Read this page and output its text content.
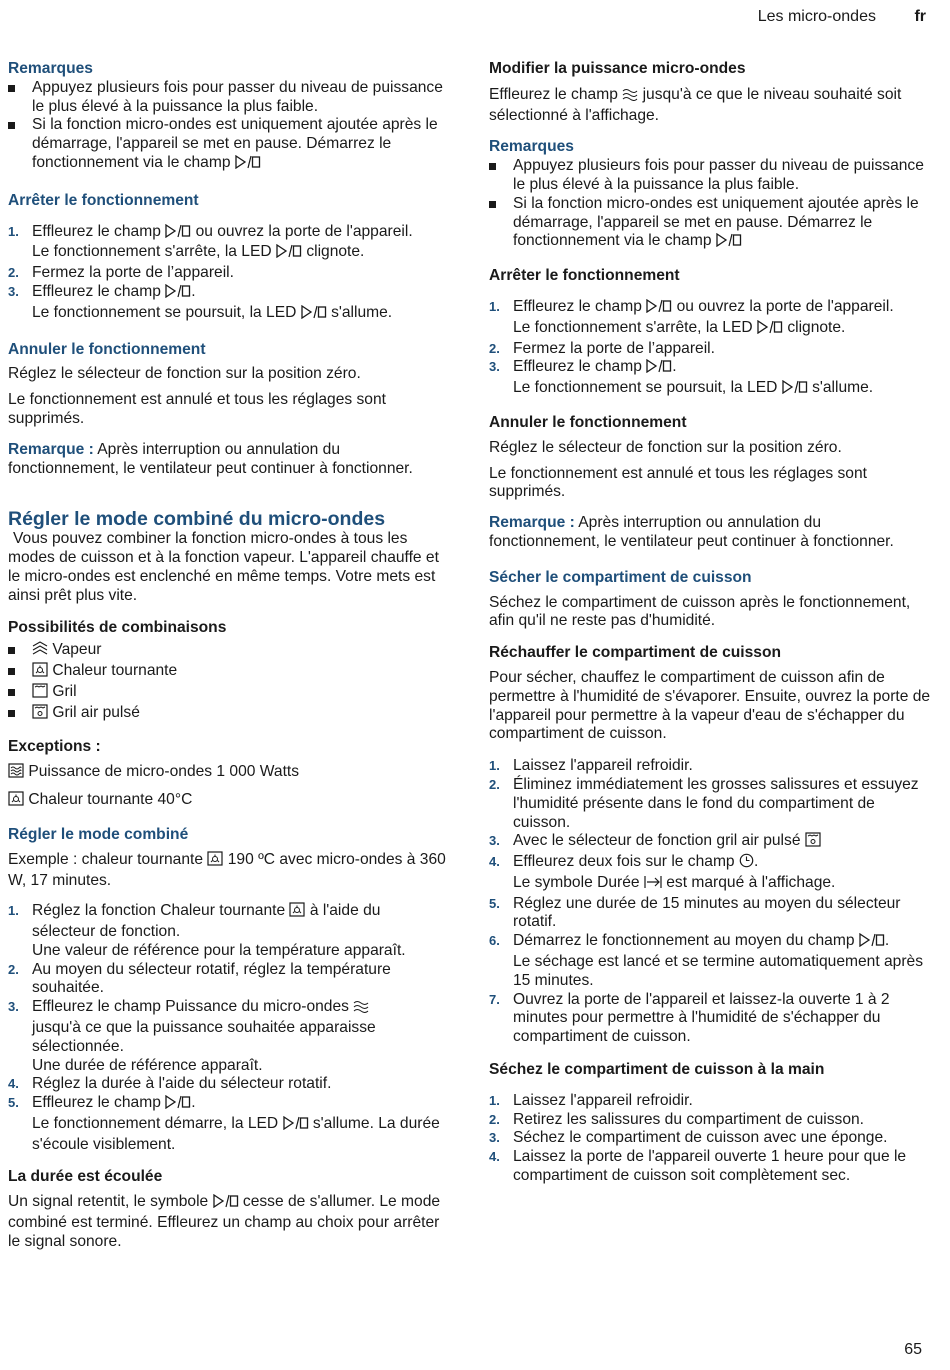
Les micro-ondes fr

Remarques

Appuyez plusieurs fois pour passer du niveau de puissance le plus élevé à la puissance la plus faible.
Si la fonction micro-ondes est uniquement ajoutée après le démarrage, l'appareil se met en pause. Démarrez le fonctionnement via le champ

Arrêter le fonctionnement

1. Effleurez le champ ou ouvrez la porte de l'appareil.
Le fonctionnement s'arrête, la LED clignote.
2. Fermez la porte de l’appareil.
3. Effleurez le champ .
Le fonctionnement se poursuit, la LED s'allume.

Annuler le fonctionnement

Réglez le sélecteur de fonction sur la position zéro.

Le fonctionnement est annulé et tous les réglages sont supprimés.

Remarque : Après interruption ou annulation du fonctionnement, le ventilateur peut continuer à fonctionner.

Régler le mode combiné du micro-ondes

Vous pouvez combiner la fonction micro-ondes à tous les modes de cuisson et à la fonction vapeur. L'appareil chauffe et le micro-ondes est enclenché en même temps. Votre mets est ainsi prêt plus vite.

Possibilités de combinaisons

Vapeur
Chaleur tournante
Gril
Gril air pulsé

Exceptions :

Puissance de micro-ondes 1 000 Watts

Chaleur tournante 40°C

Régler le mode combiné

Exemple : chaleur tournante 190 ºC avec micro-ondes à 360 W, 17 minutes.

1. Réglez la fonction Chaleur tournante à l'aide du sélecteur de fonction.
Une valeur de référence pour la température apparaît.
2. Au moyen du sélecteur rotatif, réglez la température souhaitée.
3. Effleurez le champ Puissance du micro-ondes
jusqu'à ce que la puissance souhaitée apparaisse sélectionnée.
Une durée de référence apparaît.
4. Réglez la durée à l'aide du sélecteur rotatif.
5. Effleurez le champ .
Le fonctionnement démarre, la LED s'allume. La durée s'écoule visiblement.

La durée est écoulée

Un signal retentit, le symbole cesse de s'allumer. Le mode combiné est terminé. Effleurez un champ au choix pour arrêter le signal sonore.

Modifier la puissance micro-ondes

Effleurez le champ jusqu'à ce que le niveau souhaité soit sélectionné à l'affichage.

Remarques

Appuyez plusieurs fois pour passer du niveau de puissance le plus élevé à la puissance la plus faible.
Si la fonction micro-ondes est uniquement ajoutée après le démarrage, l'appareil se met en pause. Démarrez le fonctionnement via le champ

Arrêter le fonctionnement

1. Effleurez le champ ou ouvrez la porte de l'appareil.
Le fonctionnement s'arrête, la LED clignote.
2. Fermez la porte de l’appareil.
3. Effleurez le champ .
Le fonctionnement se poursuit, la LED s'allume.

Annuler le fonctionnement

Réglez le sélecteur de fonction sur la position zéro.

Le fonctionnement est annulé et tous les réglages sont supprimés.

Remarque : Après interruption ou annulation du fonctionnement, le ventilateur peut continuer à fonctionner.

Sécher le compartiment de cuisson

Séchez le compartiment de cuisson après le fonctionnement, afin qu'il ne reste pas d'humidité.

Réchauffer le compartiment de cuisson

Pour sécher, chauffez le compartiment de cuisson afin de permettre à l'humidité de s'évaporer. Ensuite, ouvrez la porte de l'appareil pour permettre à la vapeur d'eau de s'échapper du compartiment de cuisson.

1. Laissez l'appareil refroidir.
2. Éliminez immédiatement les grosses salissures et essuyez l'humidité présente dans le fond du compartiment de cuisson.
3. Avec le sélecteur de fonction gril air pulsé
4. Effleurez deux fois sur le champ .
Le symbole Durée est marqué à l'affichage.
5. Réglez une durée de 15 minutes au moyen du sélecteur rotatif.
6. Démarrez le fonctionnement au moyen du champ .
Le séchage est lancé et se termine automatiquement après 15 minutes.
7. Ouvrez la porte de l'appareil et laissez-la ouverte 1 à 2 minutes pour permettre à l'humidité de s'échapper du compartiment de cuisson.

Séchez le compartiment de cuisson à la main

1. Laissez l'appareil refroidir.
2. Retirez les salissures du compartiment de cuisson.
3. Séchez le compartiment de cuisson avec une éponge.
4. Laissez la porte de l'appareil ouverte 1 heure pour que le compartiment de cuisson soit complètement sec.
65
